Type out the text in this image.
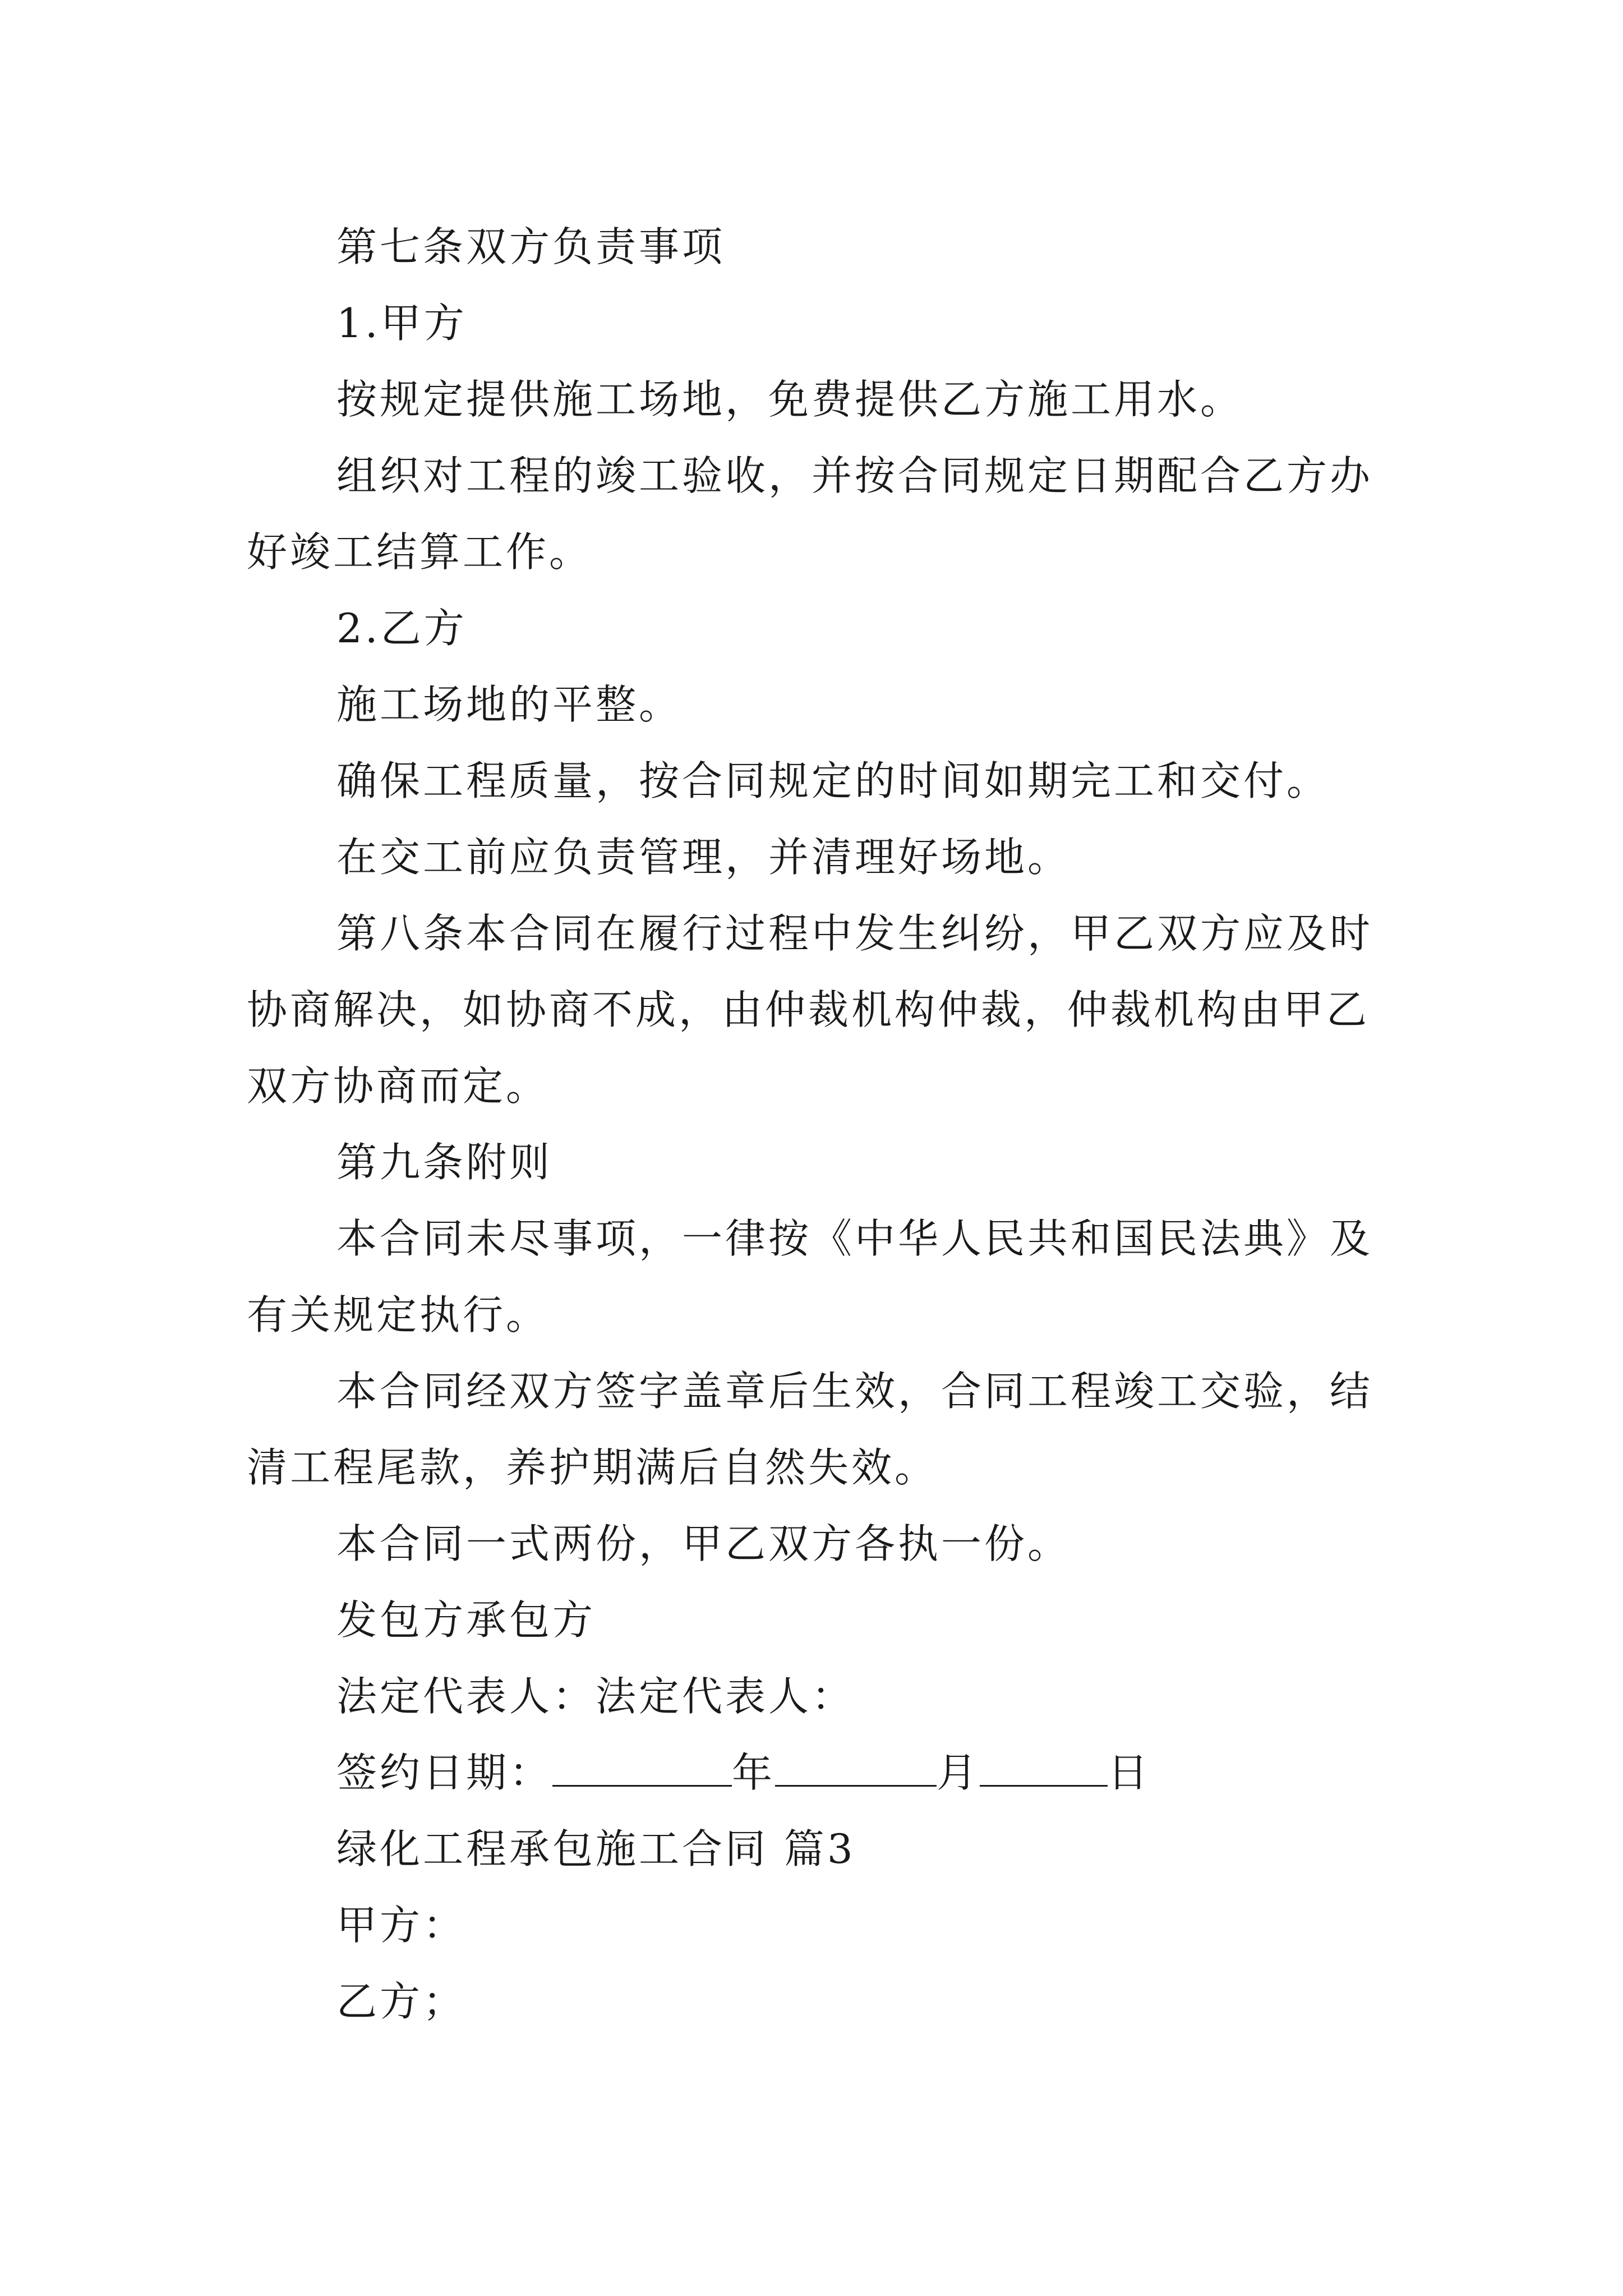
第七条双方负责事项

1.甲方

按规定提供施工场地，免费提供乙方施工用水。

组织对工程的竣工验收，并按合同规定日期配合乙方办好竣工结算工作。

2.乙方

施工场地的平整。

确保工程质量，按合同规定的时间如期完工和交付。

在交工前应负责管理，并清理好场地。

第八条本合同在履行过程中发生纠纷，甲乙双方应及时协商解决，如协商不成，由仲裁机构仲裁，仲裁机构由甲乙双方协商而定。

第九条附则

本合同未尽事项，一律按《中华人民共和国民法典》及有关规定执行。

本合同经双方签字盖章后生效，合同工程竣工交验，结清工程尾款，养护期满后自然失效。

本合同一式两份，甲乙双方各执一份。

发包方承包方

法定代表人：法定代表人：

签约日期：	年	月	日

绿化工程承包施工合同 篇3

甲方：

乙方；
